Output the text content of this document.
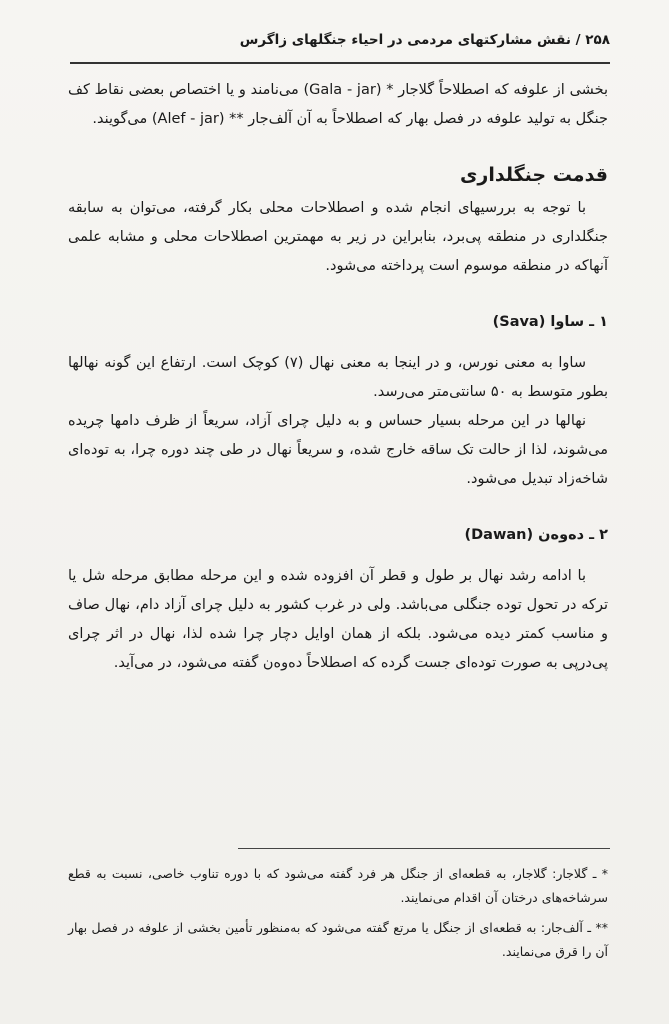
۲۵۸ / نقش مشارکتهای مردمی در احیاء جنگلهای زاگرس

بخشی از علوفه که اصطلاحاً گلاجار * (Gala - jar) می‌نامند و یا اختصاص بعضی نقاط کف جنگل به تولید علوفه در فصل بهار که اصطلاحاً به آن آلف‌جار ** (Alef - jar) می‌گویند.

قدمت جنگلداری

با توجه به بررسیهای انجام شده و اصطلاحات محلی بکار گرفته، می‌توان به سابقه جنگلداری در منطقه پی‌برد، بنابراین در زیر به مهمترین اصطلاحات محلی و مشابه علمی آنهاکه در منطقه موسوم است پرداخته می‌شود.

۱ ـ ساوا (Sava)

ساوا به معنی نورس، و در اینجا به معنی نهال (۷) کوچک است. ارتفاع این گونه نهالها بطور متوسط به ۵۰ سانتی‌متر می‌رسد.

نهالها در این مرحله بسیار حساس و به دلیل چرای آزاد، سریعاً از ظرف دامها چریده می‌شوند، لذا از حالت تک ساقه خارج شده، و سریعاً نهال در طی چند دوره چرا، به توده‌ای شاخه‌زاد تبدیل می‌شود.

۲ ـ ده‌وه‌ن (Dawan)

با ادامه رشد نهال بر طول و قطر آن افزوده شده و این مرحله مطابق مرحله شل یا ترکه در تحول توده جنگلی می‌باشد. ولی در غرب کشور به دلیل چرای آزاد دام، نهال صاف و مناسب کمتر دیده می‌شود. بلکه از همان اوایل دچار چرا شده لذا، نهال در اثر چرای پی‌درپی به صورت توده‌ای جست گرده که اصطلاحاً ده‌وه‌ن گفته می‌شود، در می‌آید.

* ـ گلاجار: گلاجار، به قطعه‌ای از جنگل هر فرد گفته می‌شود که با دوره تناوب خاصی، نسبت به قطع سرشاخه‌های درختان آن اقدام می‌نمایند.

** ـ آلف‌جار: به قطعه‌ای از جنگل یا مرتع گفته می‌شود که به‌منظور تأمین بخشی از علوفه در فصل بهار آن را قرق می‌نمایند.
